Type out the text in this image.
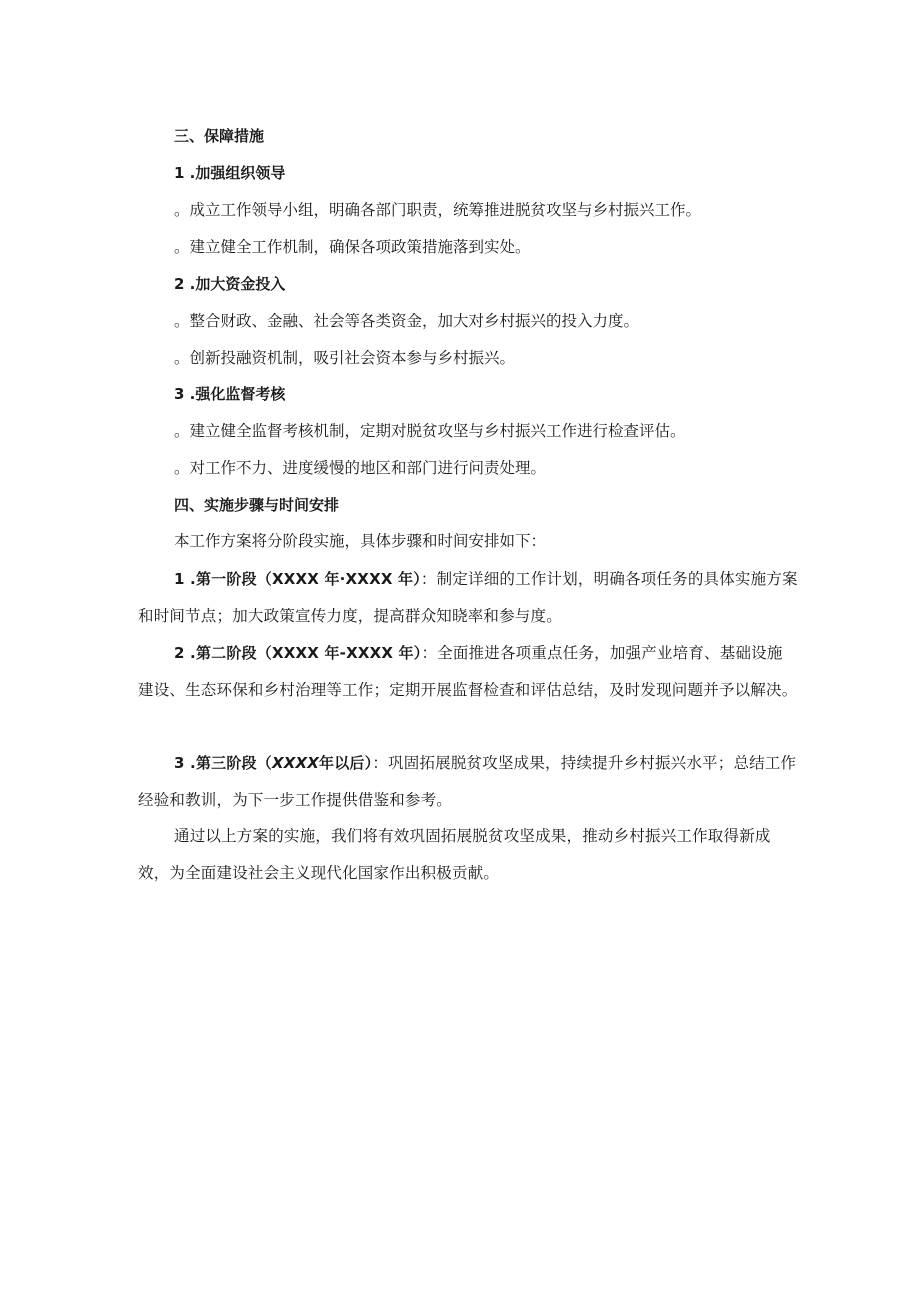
三、保障措施
1 .加强组织领导
。成立工作领导小组，明确各部门职责，统筹推进脱贫攻坚与乡村振兴工作。
。建立健全工作机制，确保各项政策措施落到实处。
2 .加大资金投入
。整合财政、金融、社会等各类资金，加大对乡村振兴的投入力度。
。创新投融资机制，吸引社会资本参与乡村振兴。
3 .强化监督考核
。建立健全监督考核机制，定期对脱贫攻坚与乡村振兴工作进行检查评估。
。对工作不力、进度缓慢的地区和部门进行问责处理。
四、实施步骤与时间安排
本工作方案将分阶段实施，具体步骤和时间安排如下：
1 .第一阶段（XXXX 年·XXXX 年）：制定详细的工作计划，明确各项任务的具体实施方案和时间节点；加大政策宣传力度，提高群众知晓率和参与度。
2 .第二阶段（XXXX 年-XXXX 年）：全面推进各项重点任务，加强产业培育、基础设施建设、生态环保和乡村治理等工作；定期开展监督检查和评估总结，及时发现问题并予以解决。
3 .第三阶段（XXXX年以后）：巩固拓展脱贫攻坚成果，持续提升乡村振兴水平；总结工作经验和教训，为下一步工作提供借鉴和参考。
通过以上方案的实施，我们将有效巩固拓展脱贫攻坚成果，推动乡村振兴工作取得新成效，为全面建设社会主义现代化国家作出积极贡献。
